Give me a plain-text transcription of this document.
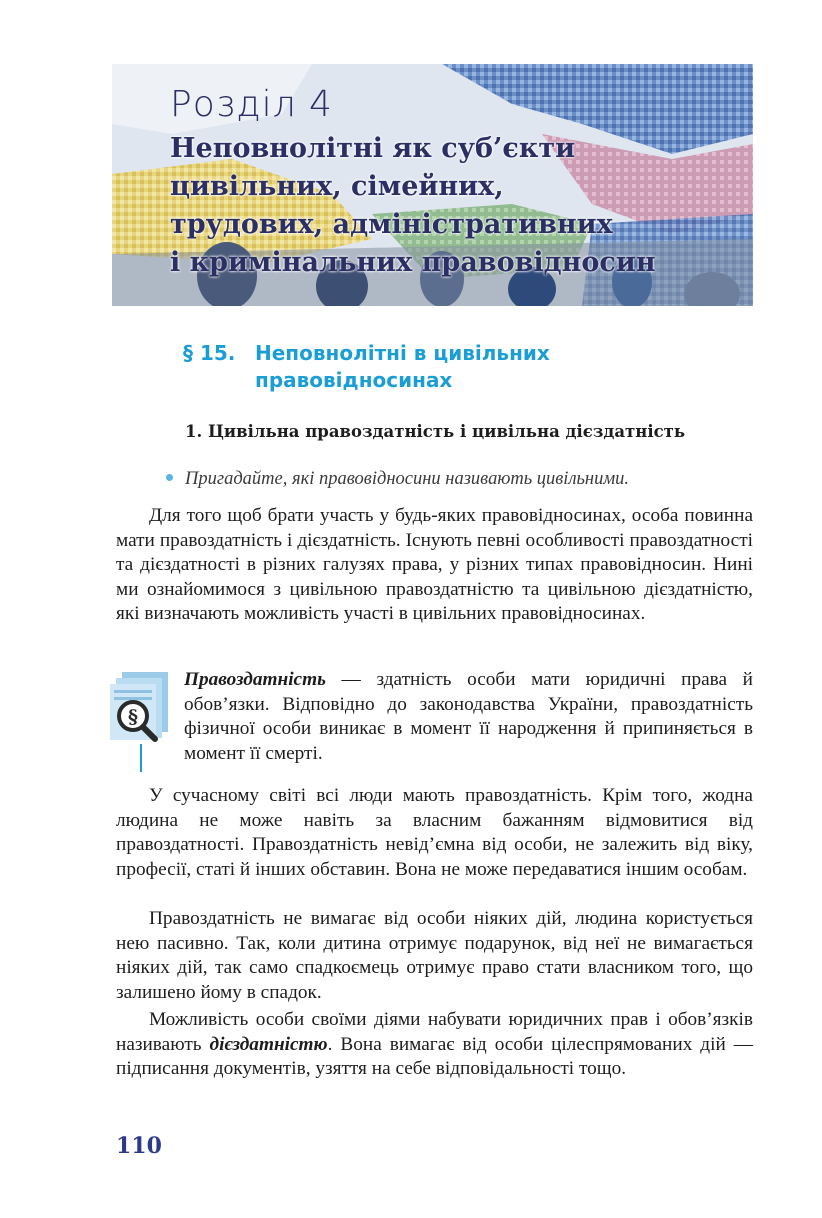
Розділ 4
Неповнолітні як суб’єкти
цивільних, сімейних,
трудових, адміністративних
і кримінальних правовідносин
§ 15. Неповнолітні в цивільних
правовідносинах
1. Цивільна правоздатність і цивільна дієздатність
Пригадайте, які правовідносини називають цивільними.

Для того щоб брати участь у будь-яких правовідносинах, особа повинна мати правоздатність і дієздатність. Існують певні особливості правоздатності та дієздатності в різних галузях права, у різних типах правовідносин. Нині ми ознайомимося з цивільною правоздатністю та цивільною дієздатністю, які визначають можливість участі в цивільних правовідносинах.

§

Правоздатність — здатність особи мати юридичні права й обов’язки. Відповідно до законодавства України, правоздатність фізичної особи виникає в момент її народження й припиняється в момент її смерті.

У сучасному світі всі люди мають правоздатність. Крім того, жодна людина не може навіть за власним бажанням відмовитися від правоздатності. Правоздатність невід’ємна від особи, не залежить від віку, професії, статі й інших обставин. Вона не може передаватися іншим особам.

Правоздатність не вимагає від особи ніяких дій, людина користується нею пасивно. Так, коли дитина отримує подарунок, від неї не вимагається ніяких дій, так само спадкоємець отримує право стати власником того, що залишено йому в спадок.

Можливість особи своїми діями набувати юридичних прав і обов’язків називають дієздатністю. Вона вимагає від особи цілеспрямованих дій — підписання документів, узяття на себе відповідальності тощо.

110
